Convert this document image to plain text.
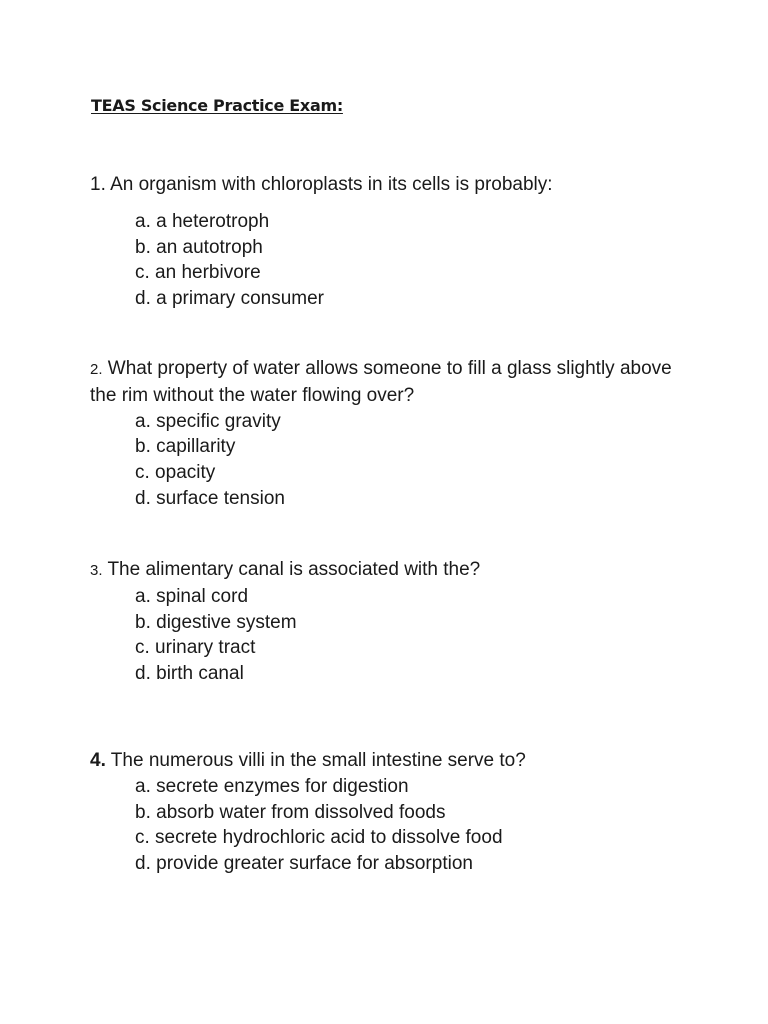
TEAS Science Practice Exam:

1. An organism with chloroplasts in its cells is probably:

a. a heterotroph
b. an autotroph
c. an herbivore
d. a primary consumer

2. What property of water allows someone to fill a glass slightly above the rim without the water flowing over?

a. specific gravity
b. capillarity
c. opacity
d. surface tension

3. The alimentary canal is associated with the?

a. spinal cord
b. digestive system
c. urinary tract
d. birth canal

4. The numerous villi in the small intestine serve to?

a. secrete enzymes for digestion
b. absorb water from dissolved foods
c. secrete hydrochloric acid to dissolve food
d. provide greater surface for absorption
